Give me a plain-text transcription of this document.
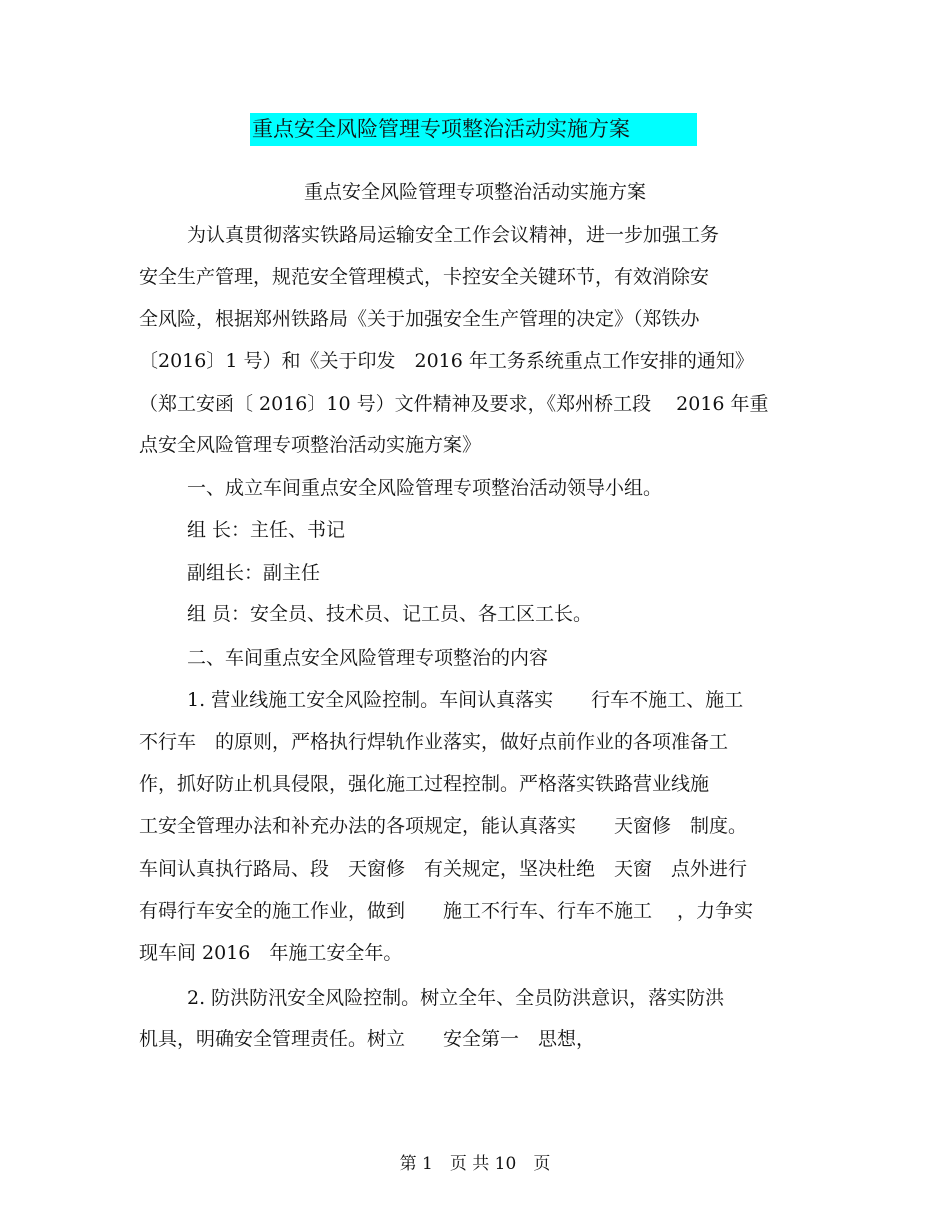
重点安全风险管理专项整治活动实施方案
重点安全风险管理专项整治活动实施方案
为认真贯彻落实铁路局运输安全工作会议精神，进一步加强工务
安全生产管理，规范安全管理模式，卡控安全关键环节，有效消除安
全风险，根据郑州铁路局《关于加强安全生产管理的决定》（郑铁办
〔2016〕1 号）和《关于印发　2016 年工务系统重点工作安排的通知》
（郑工安函〔 2016〕10 号）文件精神及要求，《郑州桥工段　 2016 年重
点安全风险管理专项整治活动实施方案》
一、成立车间重点安全风险管理专项整治活动领导小组。
组 长：主任、书记
副组长：副主任
组 员：安全员、技术员、记工员、各工区工长。
二、车间重点安全风险管理专项整治的内容
1. 营业线施工安全风险控制。车间认真落实　　行车不施工、施工
不行车　的原则，严格执行焊轨作业落实，做好点前作业的各项准备工
作，抓好防止机具侵限，强化施工过程控制。严格落实铁路营业线施
工安全管理办法和补充办法的各项规定，能认真落实　　天窗修　制度。
车间认真执行路局、段　天窗修　有关规定，坚决杜绝　天窗　点外进行
有碍行车安全的施工作业，做到　　施工不行车、行车不施工　 ，力争实
现车间 2016　年施工安全年。
2. 防洪防汛安全风险控制。树立全年、全员防洪意识，落实防洪
机具，明确安全管理责任。树立　　安全第一　思想，
第 1　页 共 10　页
